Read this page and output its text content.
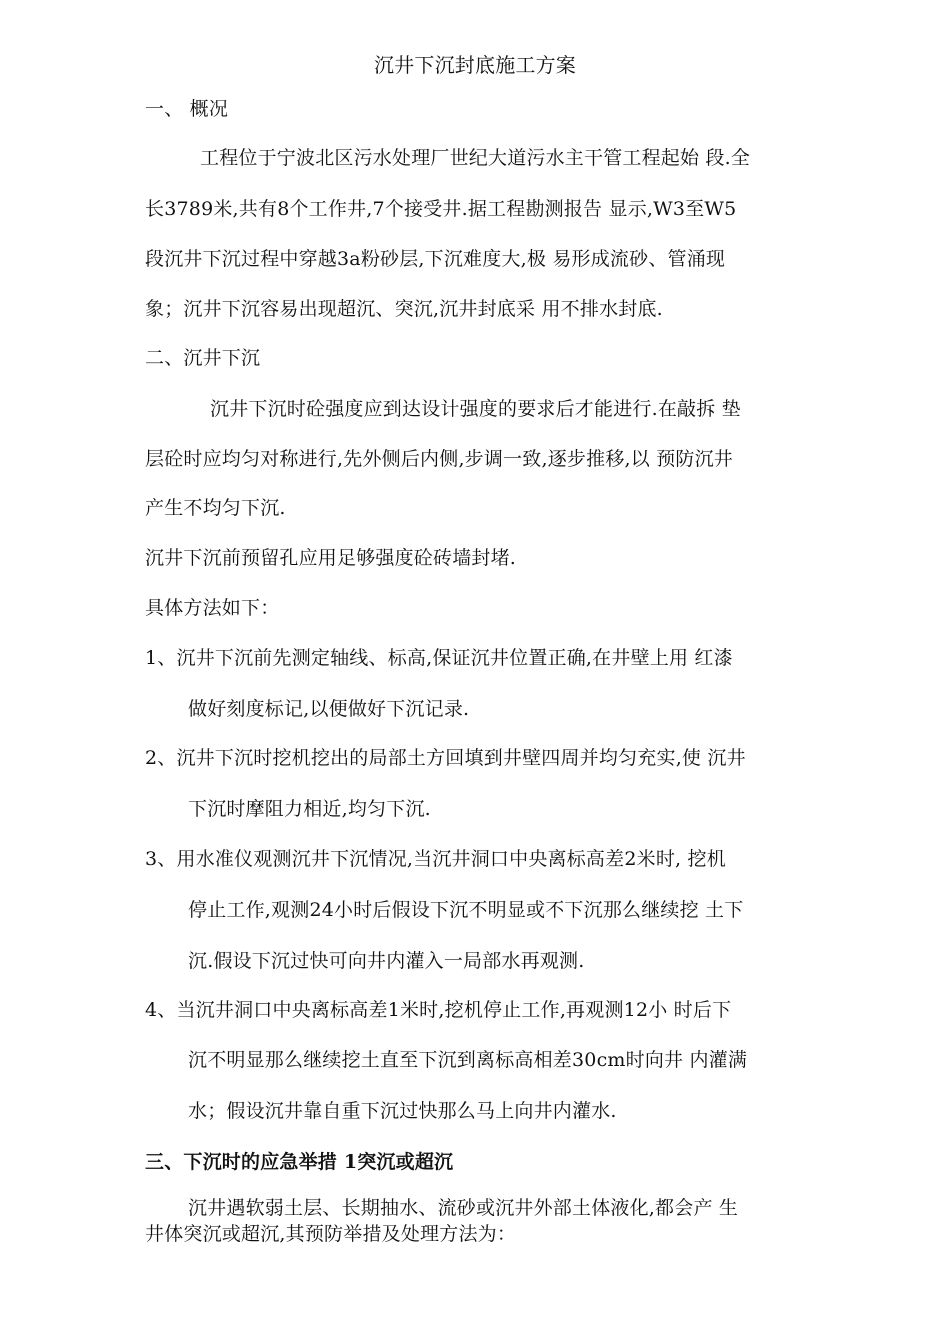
沉井下沉封底施工方案
一、 概况
工程位于宁波北区污水处理厂世纪大道污水主干管工程起始 段.全
长3789米,共有8个工作井,7个接受井.据工程勘测报告 显示,W3至W5
段沉井下沉过程中穿越3a粉砂层,下沉难度大,极 易形成流砂、管涌现
象；沉井下沉容易出现超沉、突沉,沉井封底采 用不排水封底.
二、沉井下沉
沉井下沉时砼强度应到达设计强度的要求后才能进行.在敲拆 垫
层砼时应均匀对称进行,先外侧后内侧,步调一致,逐步推移,以 预防沉井
产生不均匀下沉.
沉井下沉前预留孔应用足够强度砼砖墙封堵.
具体方法如下：
1、沉井下沉前先测定轴线、标高,保证沉井位置正确,在井壁上用 红漆
做好刻度标记,以便做好下沉记录.
2、沉井下沉时挖机挖出的局部土方回填到井壁四周并均匀充实,使 沉井
下沉时摩阻力相近,均匀下沉.
3、用水准仪观测沉井下沉情况,当沉井洞口中央离标高差2米时, 挖机
停止工作,观测24小时后假设下沉不明显或不下沉那么继续挖 土下
沉.假设下沉过快可向井内灌入一局部水再观测.
4、当沉井洞口中央离标高差1米时,挖机停止工作,再观测12小 时后下
沉不明显那么继续挖土直至下沉到离标高相差30cm时向井 内灌满
水；假设沉井靠自重下沉过快那么马上向井内灌水.
三、下沉时的应急举措 1突沉或超沉
沉井遇软弱土层、长期抽水、流砂或沉井外部土体液化,都会产 生
井体突沉或超沉,其预防举措及处理方法为：
